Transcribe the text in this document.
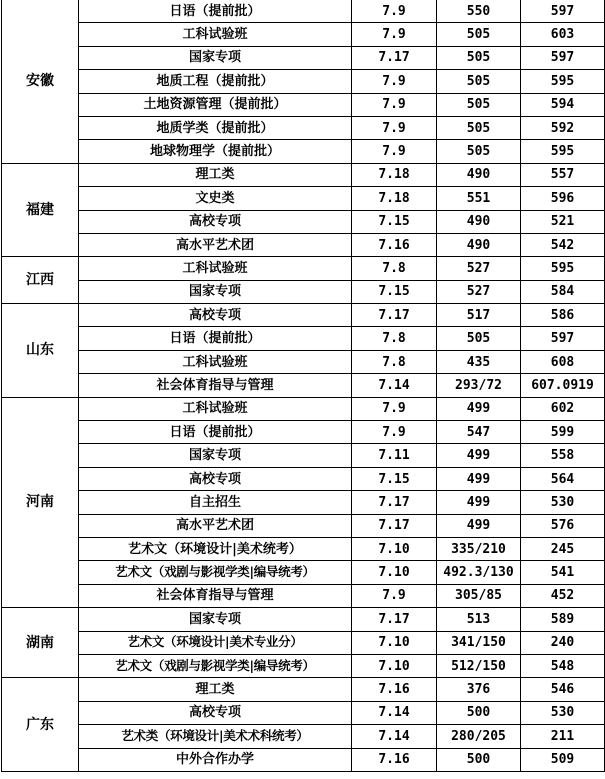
安徽	日语（提前批）	7.9	550	597
	工科试验班	7.9	505	603
	国家专项	7.17	505	597
	地质工程（提前批）	7.9	505	595
	土地资源管理（提前批）	7.9	505	594
	地质学类（提前批）	7.9	505	592
	地球物理学（提前批）	7.9	505	595
福建	理工类	7.18	490	557
	文史类	7.18	551	596
	高校专项	7.15	490	521
	高水平艺术团	7.16	490	542
江西	工科试验班	7.8	527	595
	国家专项	7.15	527	584
山东	高校专项	7.17	517	586
	日语（提前批）	7.8	505	597
	工科试验班	7.8	435	608
	社会体育指导与管理	7.14	293/72	607.0919
河南	工科试验班	7.9	499	602
	日语（提前批）	7.9	547	599
	国家专项	7.11	499	558
	高校专项	7.15	499	564
	自主招生	7.17	499	530
	高水平艺术团	7.17	499	576
	艺术文（环境设计|美术统考）	7.10	335/210	245
	艺术文（戏剧与影视学类|编导统考）	7.10	492.3/130	541
	社会体育指导与管理	7.9	305/85	452
湖南	国家专项	7.17	513	589
	艺术文（环境设计|美术专业分）	7.10	341/150	240
	艺术文（戏剧与影视学类|编导统考）	7.10	512/150	548
广东	理工类	7.16	376	546
	高校专项	7.14	500	530
	艺术类（环境设计|美术术科统考）	7.14	280/205	211
	中外合作办学	7.16	500	509
